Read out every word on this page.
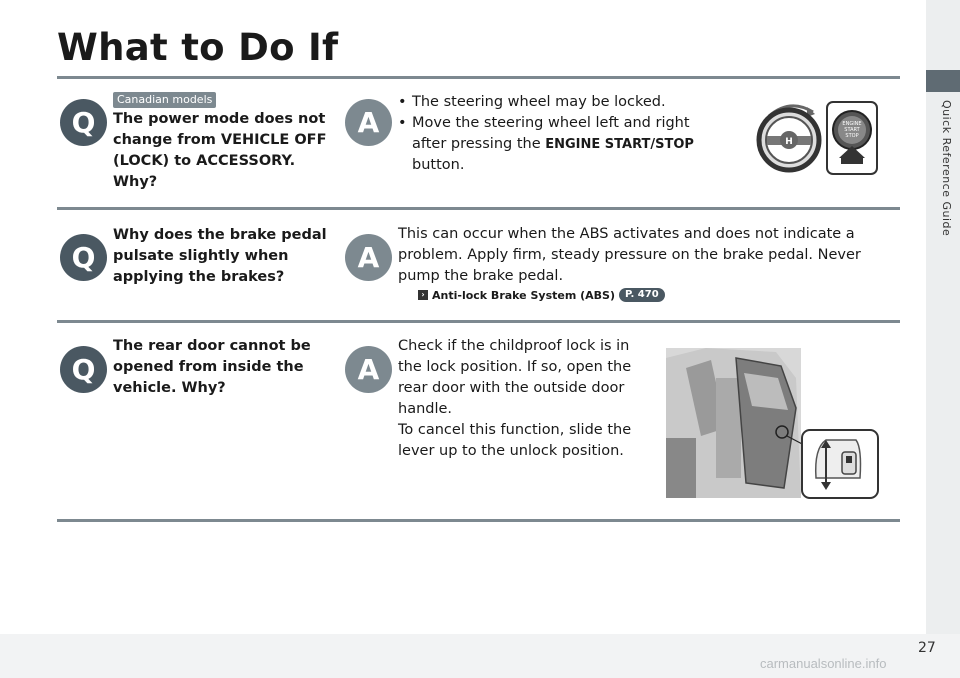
What to Do If
Quick Reference Guide
Q
Canadian models
The power mode does not
change from VEHICLE OFF
(LOCK) to ACCESSORY.
Why?
A
• The steering wheel may be locked.
• Move the steering wheel left and right
after pressing the ENGINE START/STOP
button.
H
ENGINE
START
STOP
Q
Why does the brake pedal
pulsate slightly when
applying the brakes?
A
This can occur when the ABS activates and does not indicate a
problem. Apply firm, steady pressure on the brake pedal. Never
pump the brake pedal.
› Anti-lock Brake System (ABS)	P. 470
Q
The rear door cannot be
opened from inside the
vehicle. Why?
A
Check if the childproof lock is in
the lock position. If so, open the
rear door with the outside door
handle.
To cancel this function, slide the
lever up to the unlock position.
27
carmanualsonline.info
